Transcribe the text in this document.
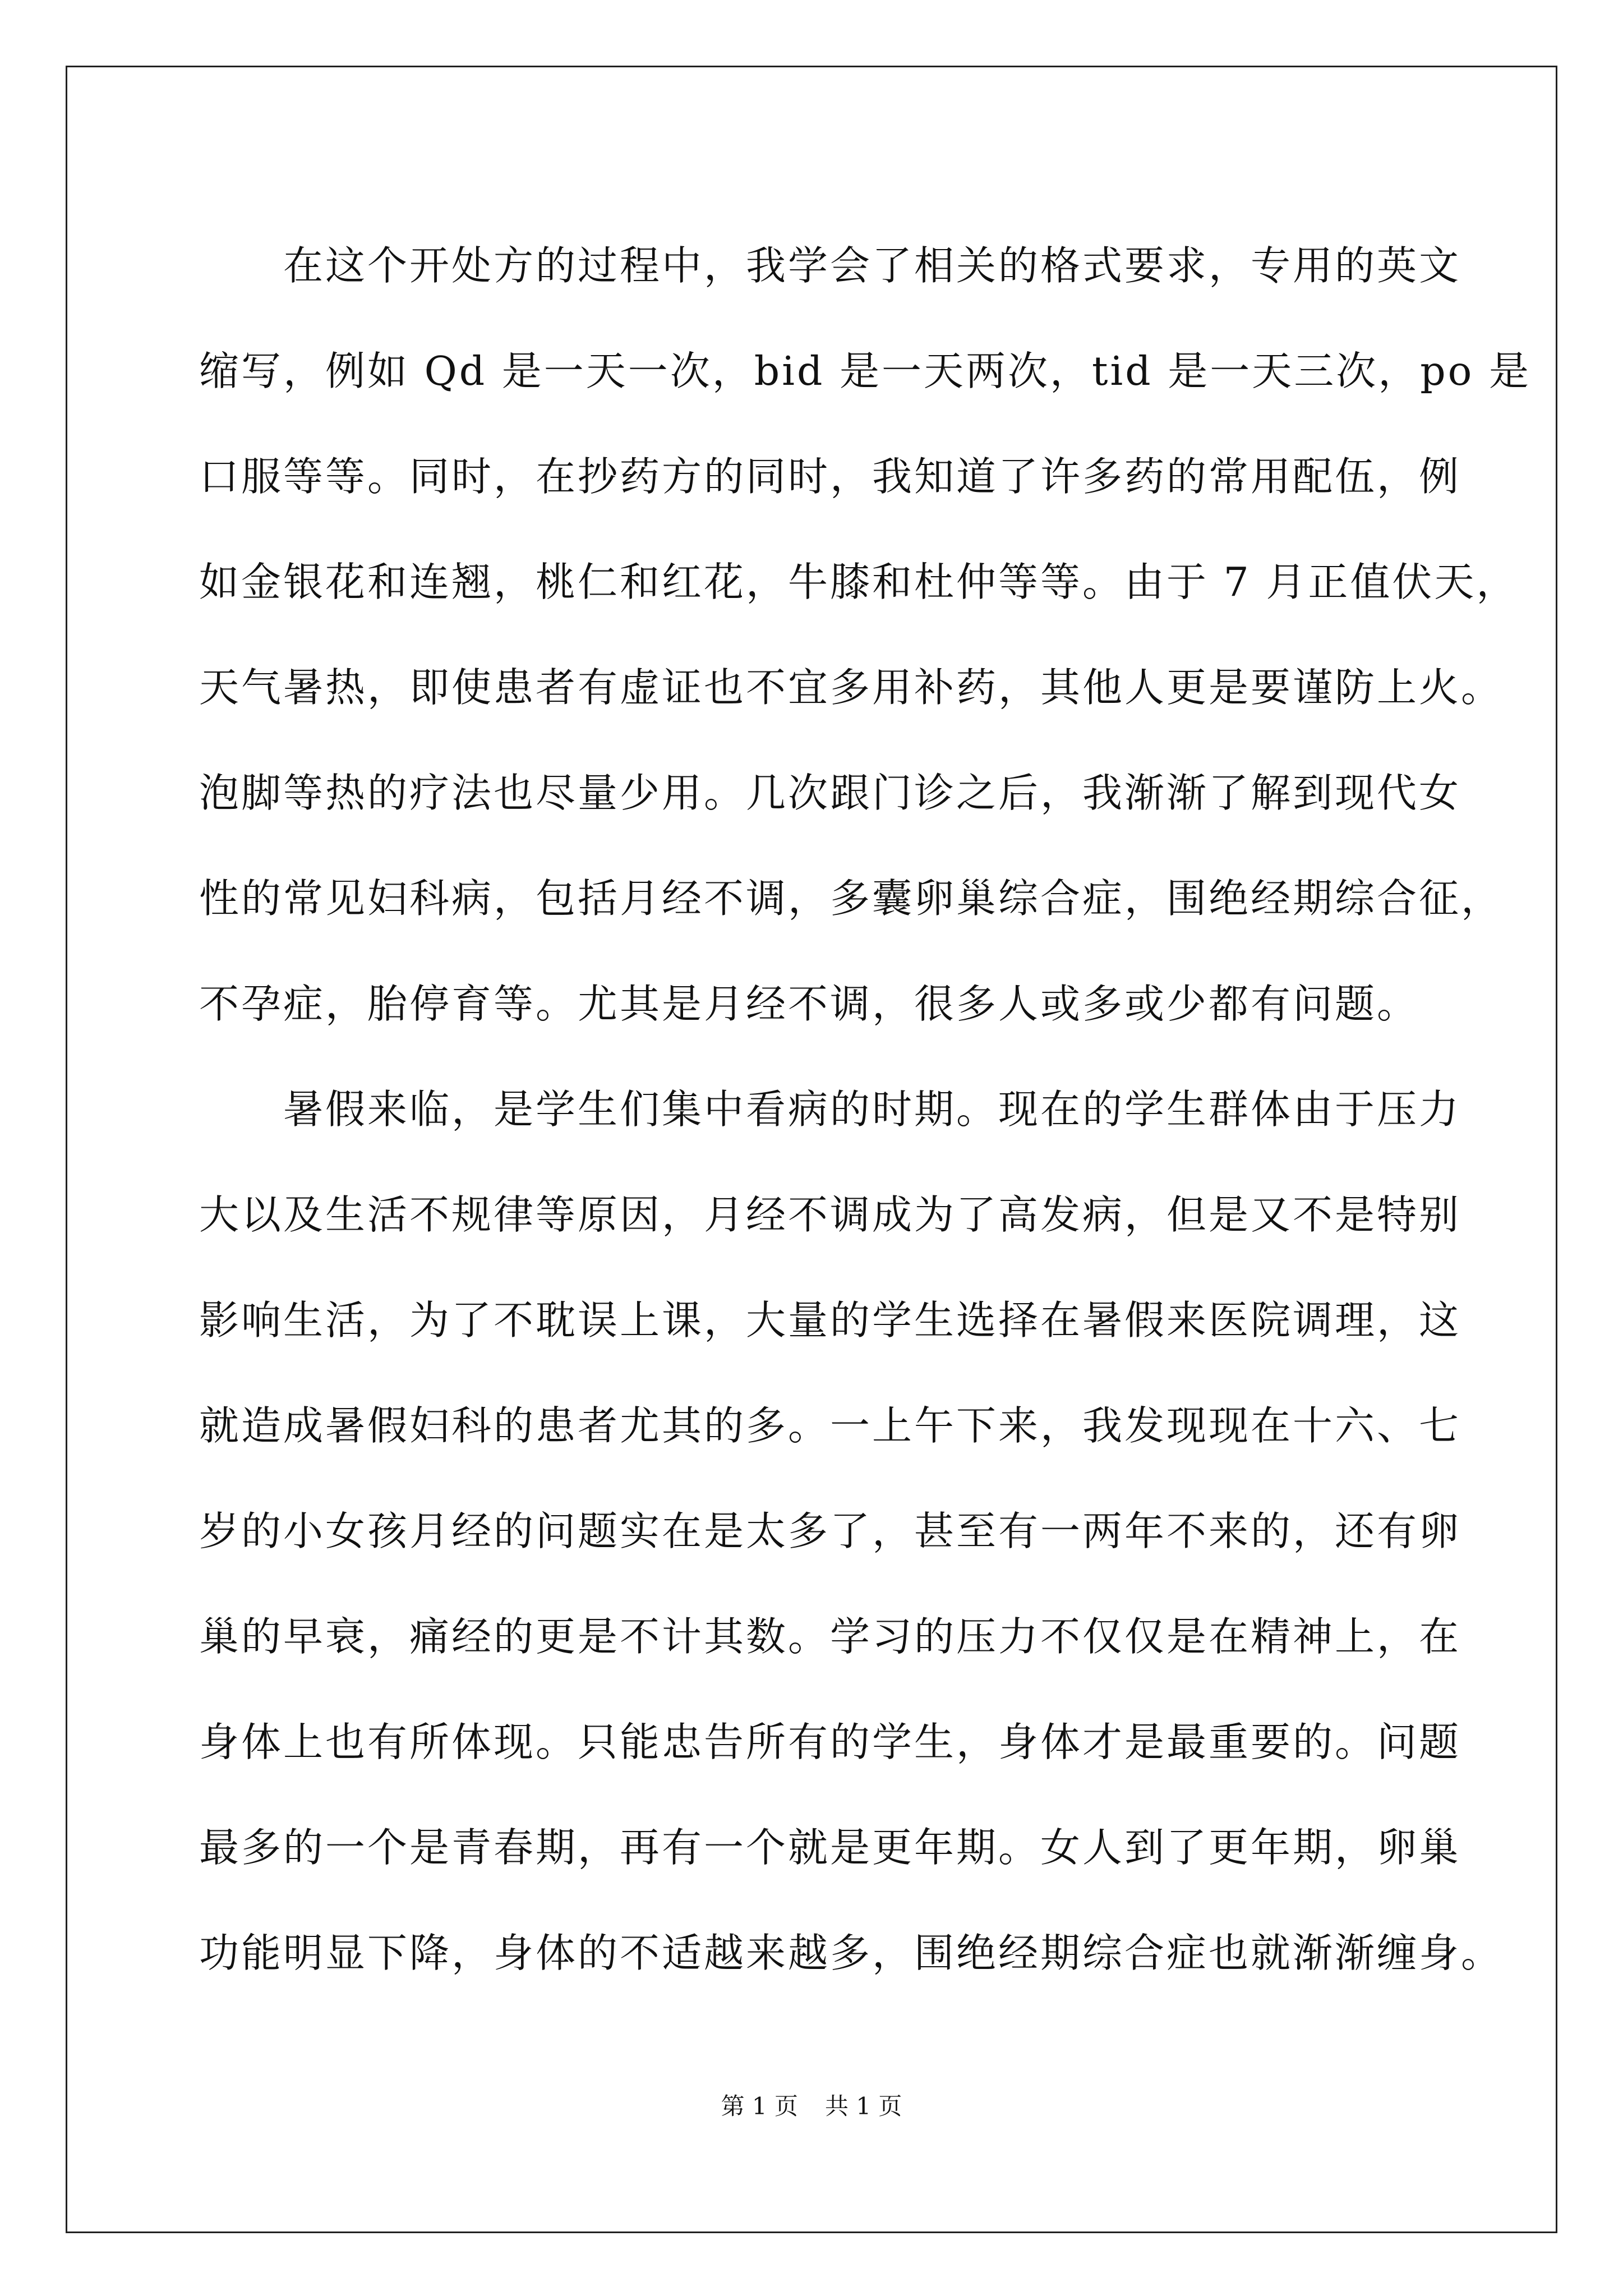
　　在这个开处方的过程中，我学会了相关的格式要求，专用的英文
缩写，例如 Qd 是一天一次，bid 是一天两次，tid 是一天三次，po 是
口服等等。同时，在抄药方的同时，我知道了许多药的常用配伍，例
如金银花和连翘，桃仁和红花，牛膝和杜仲等等。由于 7 月正值伏天，
天气暑热，即使患者有虚证也不宜多用补药，其他人更是要谨防上火。
泡脚等热的疗法也尽量少用。几次跟门诊之后，我渐渐了解到现代女
性的常见妇科病，包括月经不调，多囊卵巢综合症，围绝经期综合征，
不孕症，胎停育等。尤其是月经不调，很多人或多或少都有问题。
　　暑假来临，是学生们集中看病的时期。现在的学生群体由于压力
大以及生活不规律等原因，月经不调成为了高发病，但是又不是特别
影响生活，为了不耽误上课，大量的学生选择在暑假来医院调理，这
就造成暑假妇科的患者尤其的多。一上午下来，我发现现在十六、七
岁的小女孩月经的问题实在是太多了，甚至有一两年不来的，还有卵
巢的早衰，痛经的更是不计其数。学习的压力不仅仅是在精神上，在
身体上也有所体现。只能忠告所有的学生，身体才是最重要的。问题
最多的一个是青春期，再有一个就是更年期。女人到了更年期，卵巢
功能明显下降，身体的不适越来越多，围绝经期综合症也就渐渐缠身。
第 1 页 共 1 页
